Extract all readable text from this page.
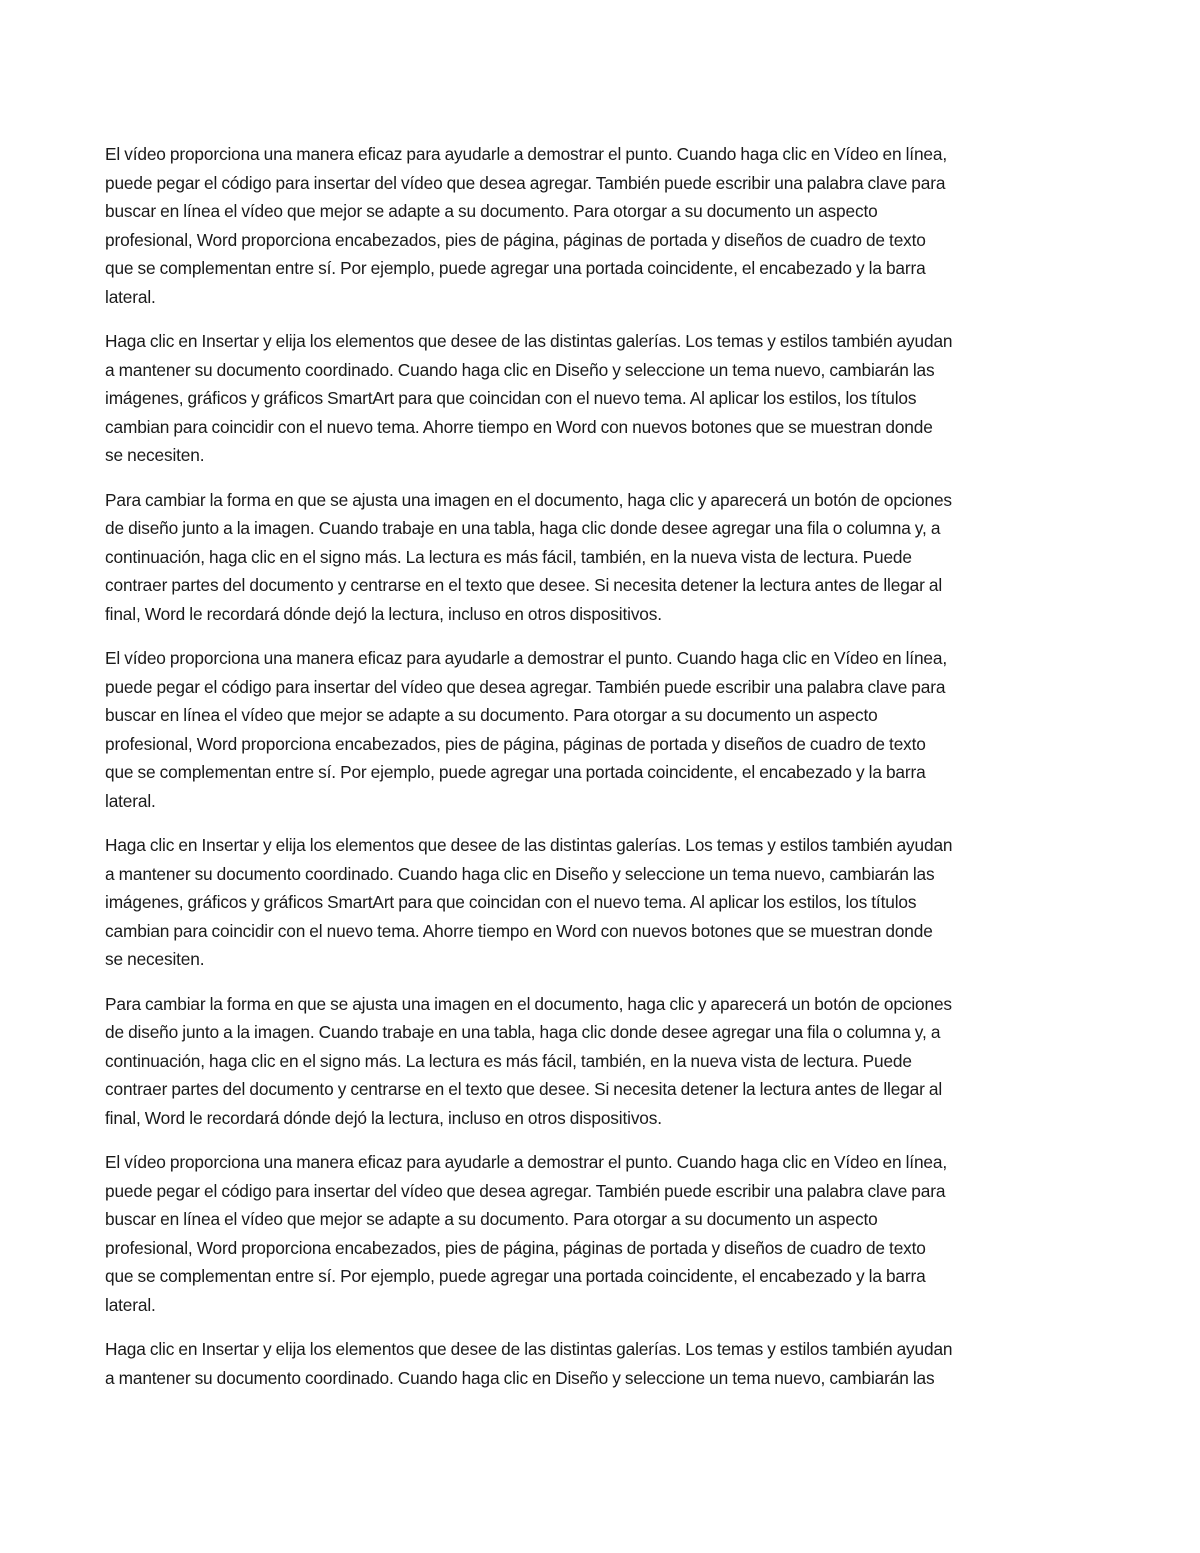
El vídeo proporciona una manera eficaz para ayudarle a demostrar el punto. Cuando haga clic en Vídeo en línea,
puede pegar el código para insertar del vídeo que desea agregar. También puede escribir una palabra clave para
buscar en línea el vídeo que mejor se adapte a su documento. Para otorgar a su documento un aspecto
profesional, Word proporciona encabezados, pies de página, páginas de portada y diseños de cuadro de texto
que se complementan entre sí. Por ejemplo, puede agregar una portada coincidente, el encabezado y la barra
lateral.

Haga clic en Insertar y elija los elementos que desee de las distintas galerías. Los temas y estilos también ayudan
a mantener su documento coordinado. Cuando haga clic en Diseño y seleccione un tema nuevo, cambiarán las
imágenes, gráficos y gráficos SmartArt para que coincidan con el nuevo tema. Al aplicar los estilos, los títulos
cambian para coincidir con el nuevo tema. Ahorre tiempo en Word con nuevos botones que se muestran donde
se necesiten.

Para cambiar la forma en que se ajusta una imagen en el documento, haga clic y aparecerá un botón de opciones
de diseño junto a la imagen. Cuando trabaje en una tabla, haga clic donde desee agregar una fila o columna y, a
continuación, haga clic en el signo más. La lectura es más fácil, también, en la nueva vista de lectura. Puede
contraer partes del documento y centrarse en el texto que desee. Si necesita detener la lectura antes de llegar al
final, Word le recordará dónde dejó la lectura, incluso en otros dispositivos.

El vídeo proporciona una manera eficaz para ayudarle a demostrar el punto. Cuando haga clic en Vídeo en línea,
puede pegar el código para insertar del vídeo que desea agregar. También puede escribir una palabra clave para
buscar en línea el vídeo que mejor se adapte a su documento. Para otorgar a su documento un aspecto
profesional, Word proporciona encabezados, pies de página, páginas de portada y diseños de cuadro de texto
que se complementan entre sí. Por ejemplo, puede agregar una portada coincidente, el encabezado y la barra
lateral.

Haga clic en Insertar y elija los elementos que desee de las distintas galerías. Los temas y estilos también ayudan
a mantener su documento coordinado. Cuando haga clic en Diseño y seleccione un tema nuevo, cambiarán las
imágenes, gráficos y gráficos SmartArt para que coincidan con el nuevo tema. Al aplicar los estilos, los títulos
cambian para coincidir con el nuevo tema. Ahorre tiempo en Word con nuevos botones que se muestran donde
se necesiten.

Para cambiar la forma en que se ajusta una imagen en el documento, haga clic y aparecerá un botón de opciones
de diseño junto a la imagen. Cuando trabaje en una tabla, haga clic donde desee agregar una fila o columna y, a
continuación, haga clic en el signo más. La lectura es más fácil, también, en la nueva vista de lectura. Puede
contraer partes del documento y centrarse en el texto que desee. Si necesita detener la lectura antes de llegar al
final, Word le recordará dónde dejó la lectura, incluso en otros dispositivos.

El vídeo proporciona una manera eficaz para ayudarle a demostrar el punto. Cuando haga clic en Vídeo en línea,
puede pegar el código para insertar del vídeo que desea agregar. También puede escribir una palabra clave para
buscar en línea el vídeo que mejor se adapte a su documento. Para otorgar a su documento un aspecto
profesional, Word proporciona encabezados, pies de página, páginas de portada y diseños de cuadro de texto
que se complementan entre sí. Por ejemplo, puede agregar una portada coincidente, el encabezado y la barra
lateral.

Haga clic en Insertar y elija los elementos que desee de las distintas galerías. Los temas y estilos también ayudan
a mantener su documento coordinado. Cuando haga clic en Diseño y seleccione un tema nuevo, cambiarán las
